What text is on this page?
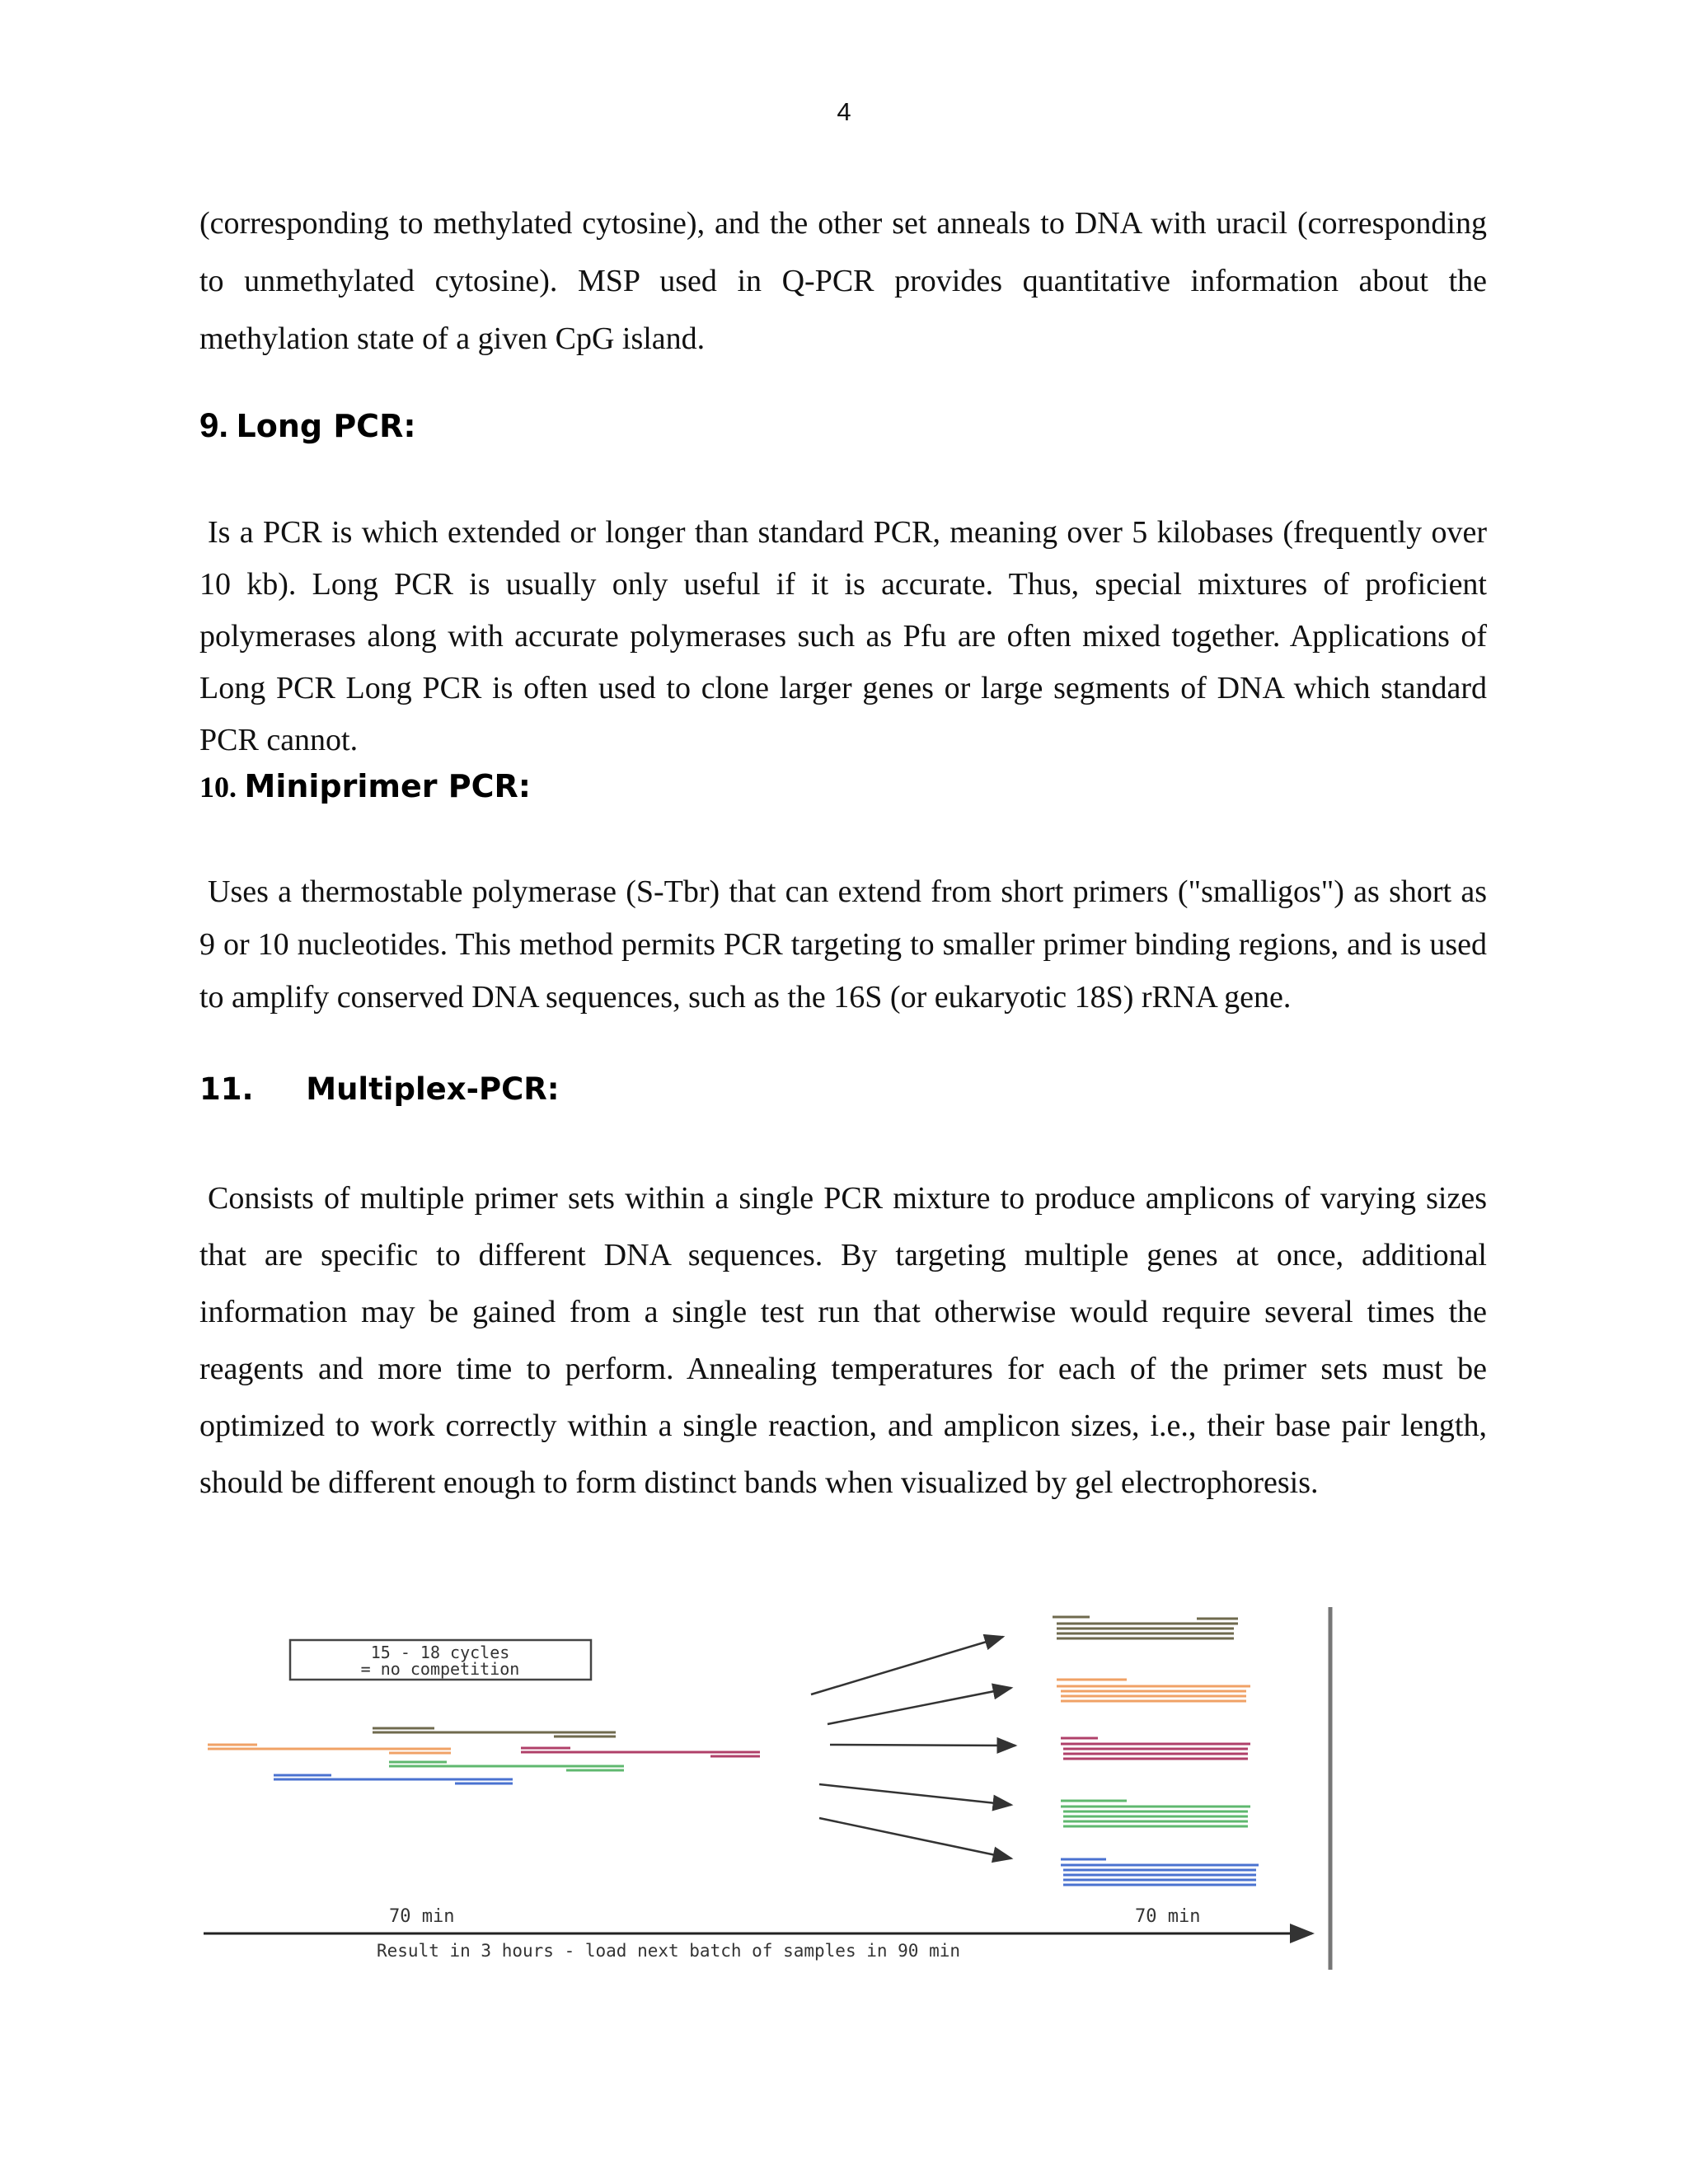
4

(corresponding to methylated cytosine), and the other set anneals to DNA with uracil (corresponding to unmethylated cytosine). MSP used in Q-PCR provides quantitative information about the methylation state of a given CpG island.

9. Long PCR:

Is a PCR is which extended or longer than standard PCR, meaning over 5 kilobases (frequently over 10 kb). Long PCR is usually only useful if it is accurate. Thus, special mixtures of proficient polymerases along with accurate polymerases such as Pfu are often mixed together. Applications of Long PCR Long PCR is often used to clone larger genes or large segments of DNA which standard PCR cannot.

10. Miniprimer PCR:

Uses a thermostable polymerase (S-Tbr) that can extend from short primers ("smalligos") as short as 9 or 10 nucleotides. This method permits PCR targeting to smaller primer binding regions, and is used to amplify conserved DNA sequences, such as the 16S (or eukaryotic 18S) rRNA gene.

11. Multiplex-PCR:

Consists of multiple primer sets within a single PCR mixture to produce amplicons of varying sizes that are specific to different DNA sequences. By targeting multiple genes at once, additional information may be gained from a single test run that otherwise would require several times the reagents and more time to perform. Annealing temperatures for each of the primer sets must be optimized to work correctly within a single reaction, and amplicon sizes, i.e., their base pair length, should be different enough to form distinct bands when visualized by gel electrophoresis.

15 - 18 cycles
= no competition
70 min	70 min
Result in 3 hours - load next batch of samples in 90 min
